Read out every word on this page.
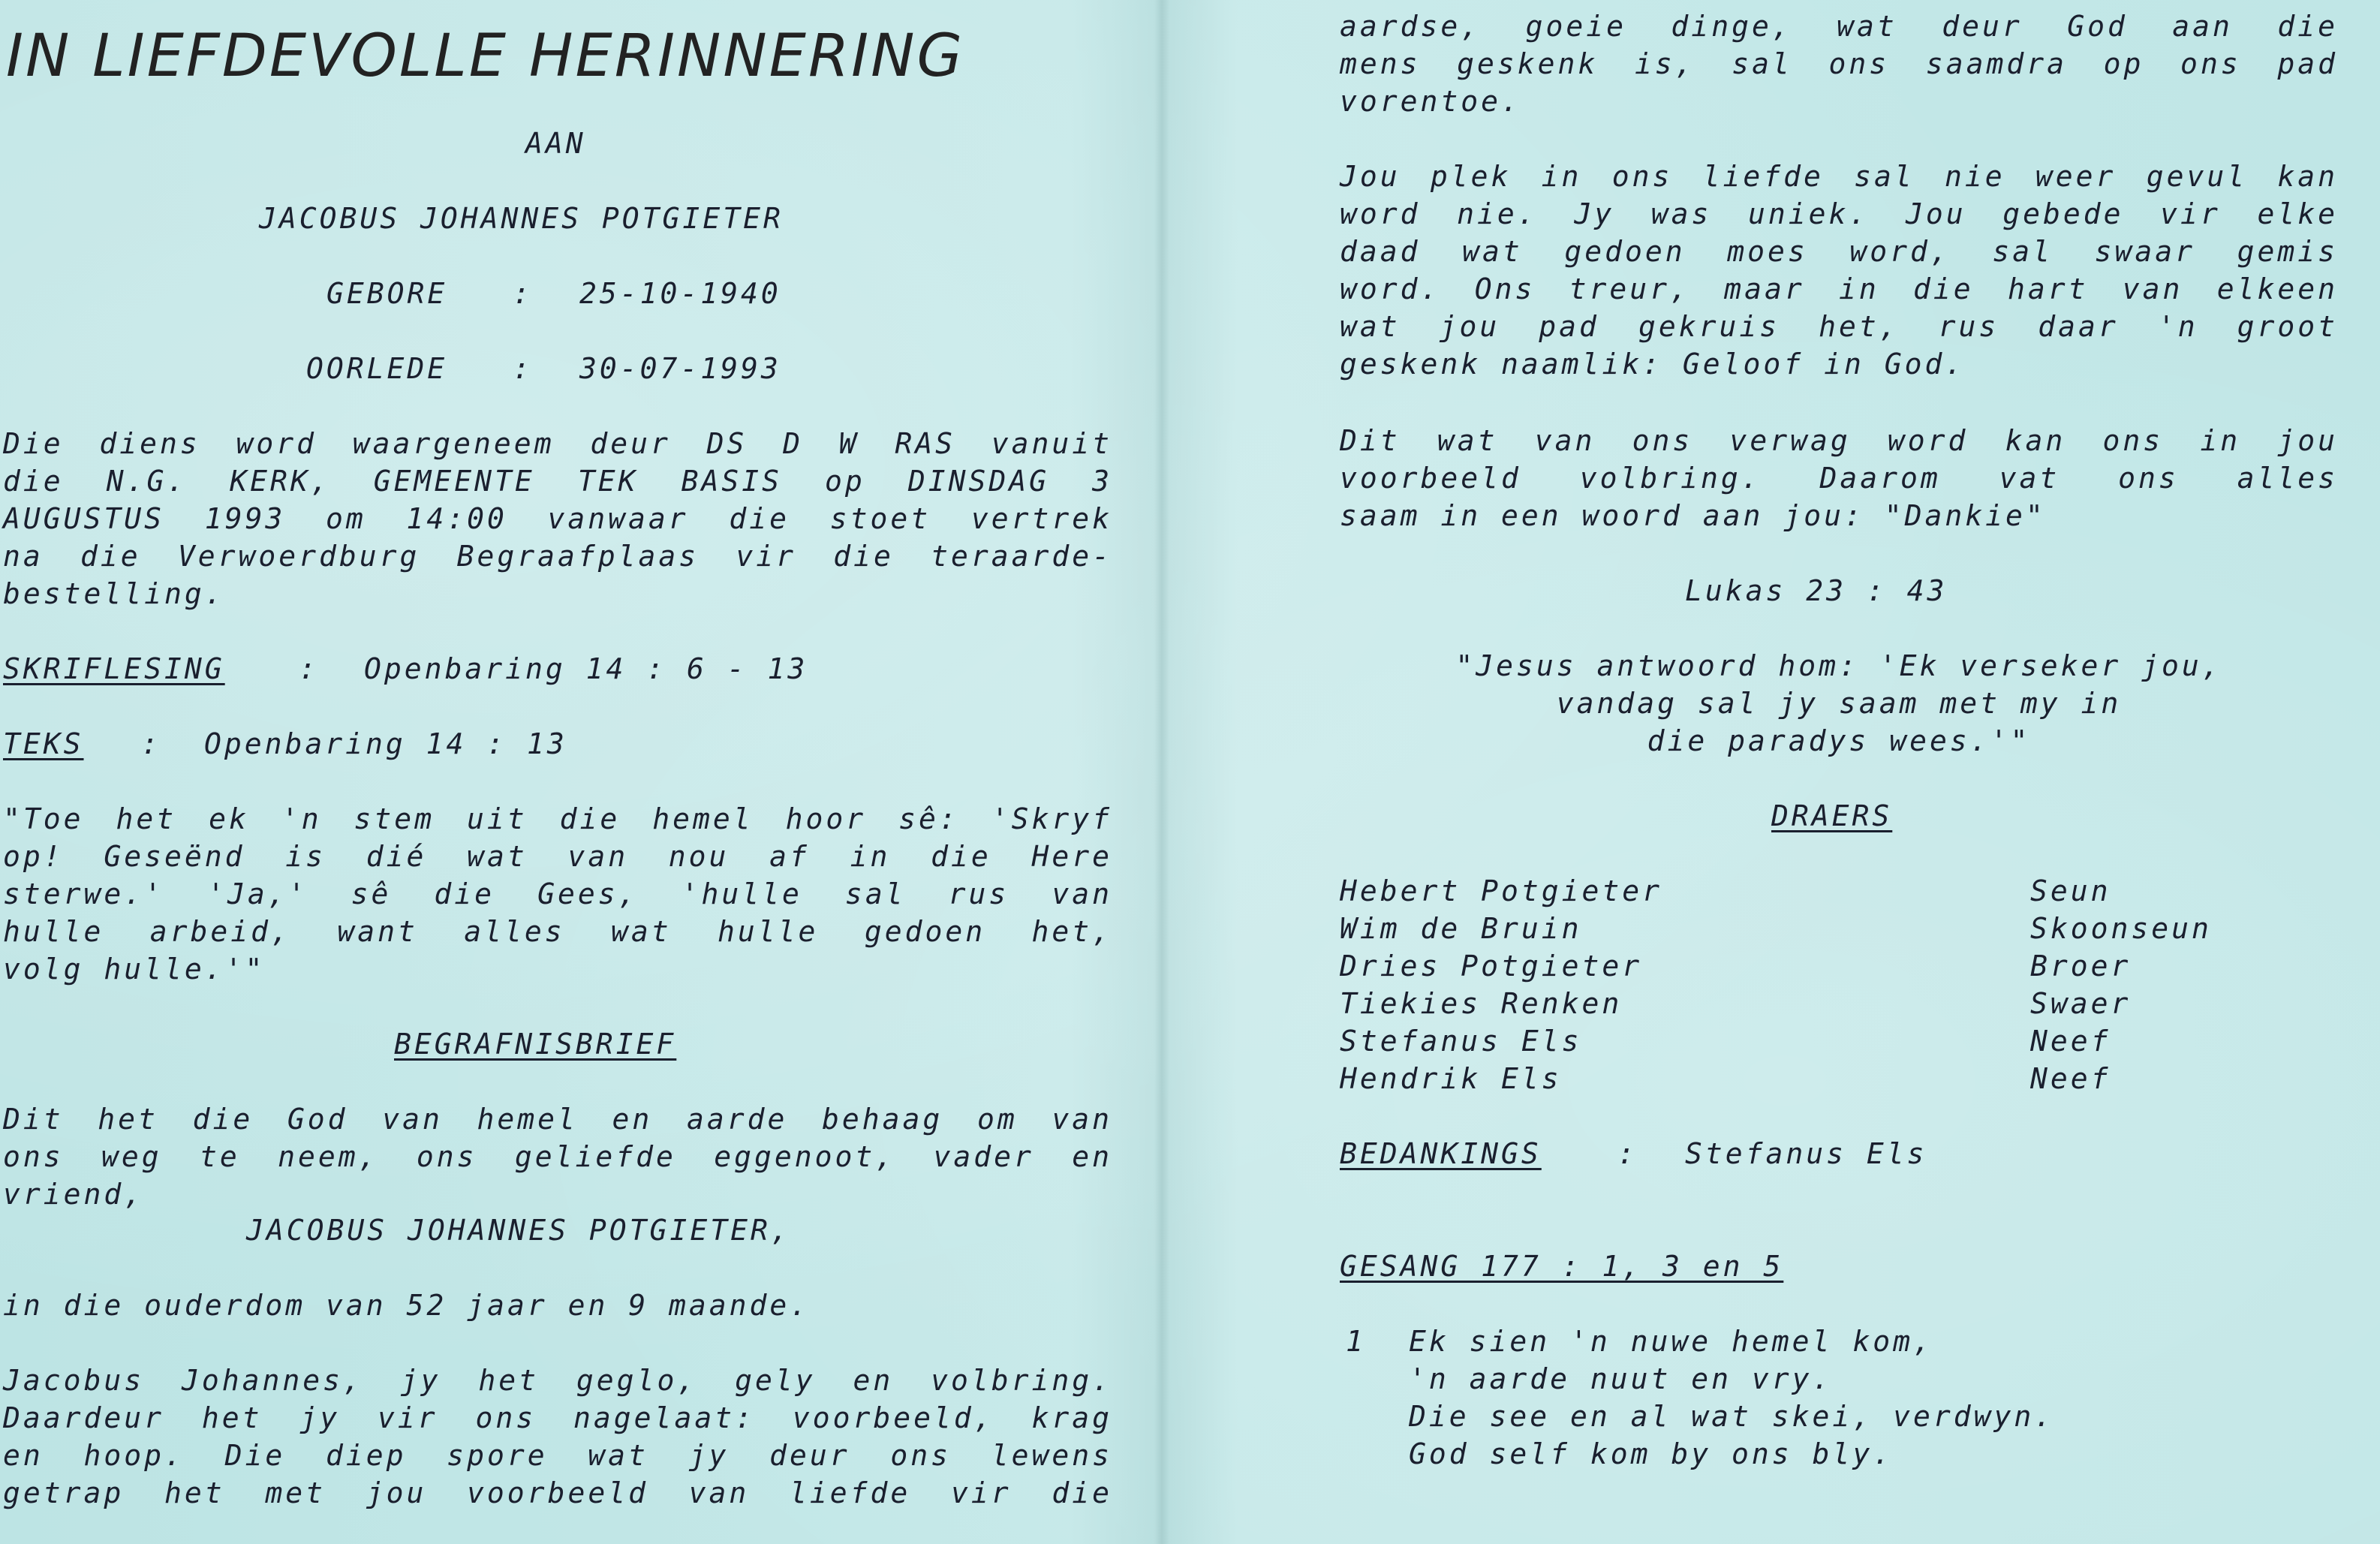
IN LIEFDEVOLLE HERINNERING
AAN
JACOBUS JOHANNES POTGIETER
GEBORE : 25-10-1940
OORLEDE : 30-07-1993
Die diens word waargeneem deur DS D W RAS vanuit
die N.G. KERK, GEMEENTE TEK BASIS op DINSDAG 3
AUGUSTUS 1993 om 14:00 vanwaar die stoet vertrek
na die Verwoerdburg Begraafplaas vir die teraarde-
bestelling.
SKRIFLESING	: Openbaring 14 : 6 - 13
TEKS : Openbaring 14 : 13
"Toe het ek 'n stem uit die hemel hoor sê: 'Skryf
op! Geseënd is dié wat van nou af in die Here
sterwe.' 'Ja,' sê die Gees, 'hulle sal rus van
hulle arbeid, want alles wat hulle gedoen het,
volg hulle.'"
BEGRAFNISBRIEF
Dit het die God van hemel en aarde behaag om van
ons weg te neem, ons geliefde eggenoot, vader en
vriend,
JACOBUS JOHANNES POTGIETER,
in die ouderdom van 52 jaar en 9 maande.
Jacobus Johannes, jy het geglo, gely en volbring.
Daardeur het jy vir ons nagelaat: voorbeeld, krag
en hoop. Die diep spore wat jy deur ons lewens
getrap het met jou voorbeeld van liefde vir die
aardse, goeie dinge, wat deur God aan die
mens geskenk is, sal ons saamdra op ons pad
vorentoe.
Jou plek in ons liefde sal nie weer gevul kan
word nie. Jy was uniek. Jou gebede vir elke
daad wat gedoen moes word, sal swaar gemis
word. Ons treur, maar in die hart van elkeen
wat jou pad gekruis het, rus daar 'n groot
geskenk naamlik: Geloof in God.
Dit wat van ons verwag word kan ons in jou
voorbeeld volbring. Daarom vat ons alles
saam in een woord aan jou: "Dankie"
Lukas 23 : 43
"Jesus antwoord hom: 'Ek verseker jou,
vandag sal jy saam met my in
die paradys wees.'"
DRAERS
Hebert Potgieter	Seun
Wim de Bruin	Skoonseun
Dries Potgieter	Broer
Tiekies Renken	Swaer
Stefanus Els	Neef
Hendrik Els	Neef
BEDANKINGS	: Stefanus Els
GESANG 177 : 1, 3 en 5
1 Ek sien 'n nuwe hemel kom,
'n aarde nuut en vry.
Die see en al wat skei, verdwyn.
God self kom by ons bly.
